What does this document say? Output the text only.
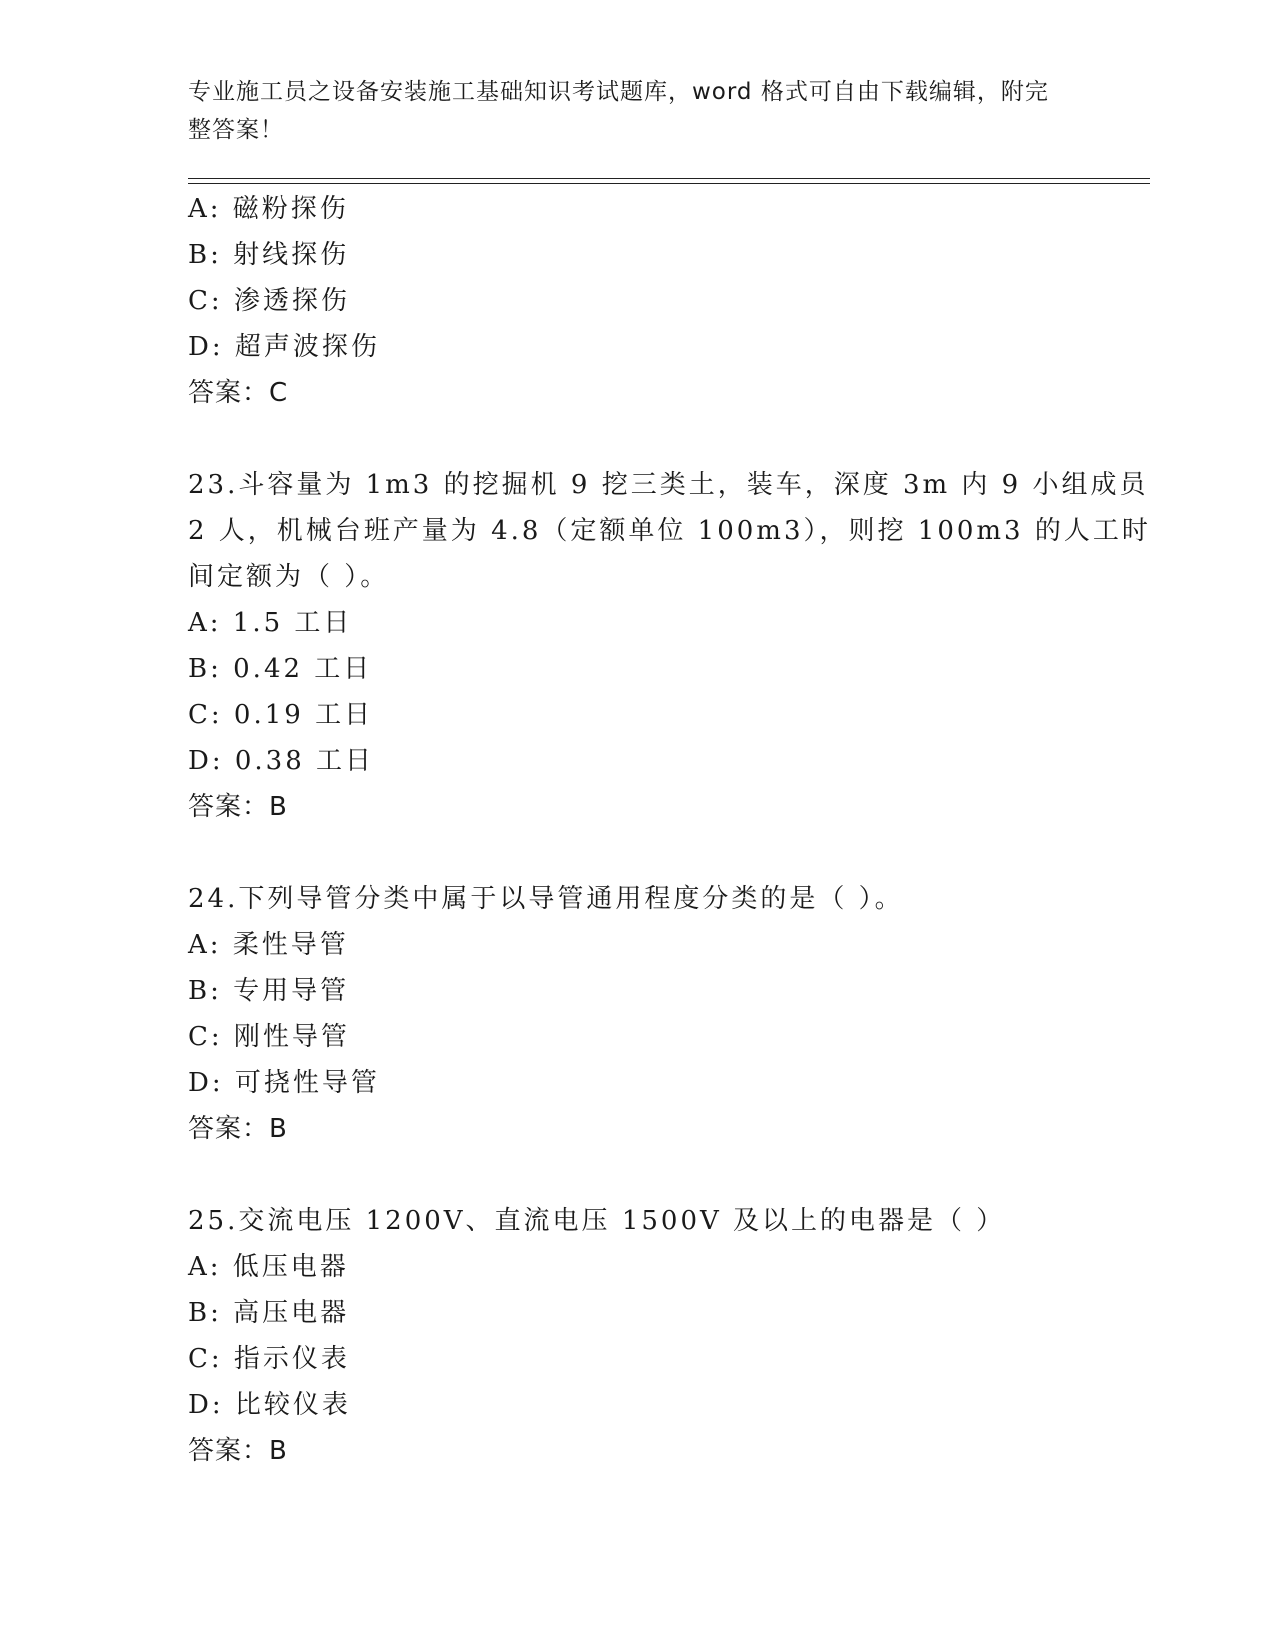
专业施工员之设备安装施工基础知识考试题库，word 格式可自由下载编辑，附完
整答案！
A: 磁粉探伤
B: 射线探伤
C: 渗透探伤
D: 超声波探伤
答案：C
23.斗容量为 1m3 的挖掘机 9 挖三类土，装车，深度 3m 内 9 小组成员
2 人，机械台班产量为 4.8（定额单位 100m3），则挖 100m3 的人工时
间定额为（ ）。
A: 1.5 工日
B: 0.42 工日
C: 0.19 工日
D: 0.38 工日
答案：B
24.下列导管分类中属于以导管通用程度分类的是（ ）。
A: 柔性导管
B: 专用导管
C: 刚性导管
D: 可挠性导管
答案：B
25.交流电压 1200V、直流电压 1500V 及以上的电器是（ ）
A: 低压电器
B: 高压电器
C: 指示仪表
D: 比较仪表
答案：B
